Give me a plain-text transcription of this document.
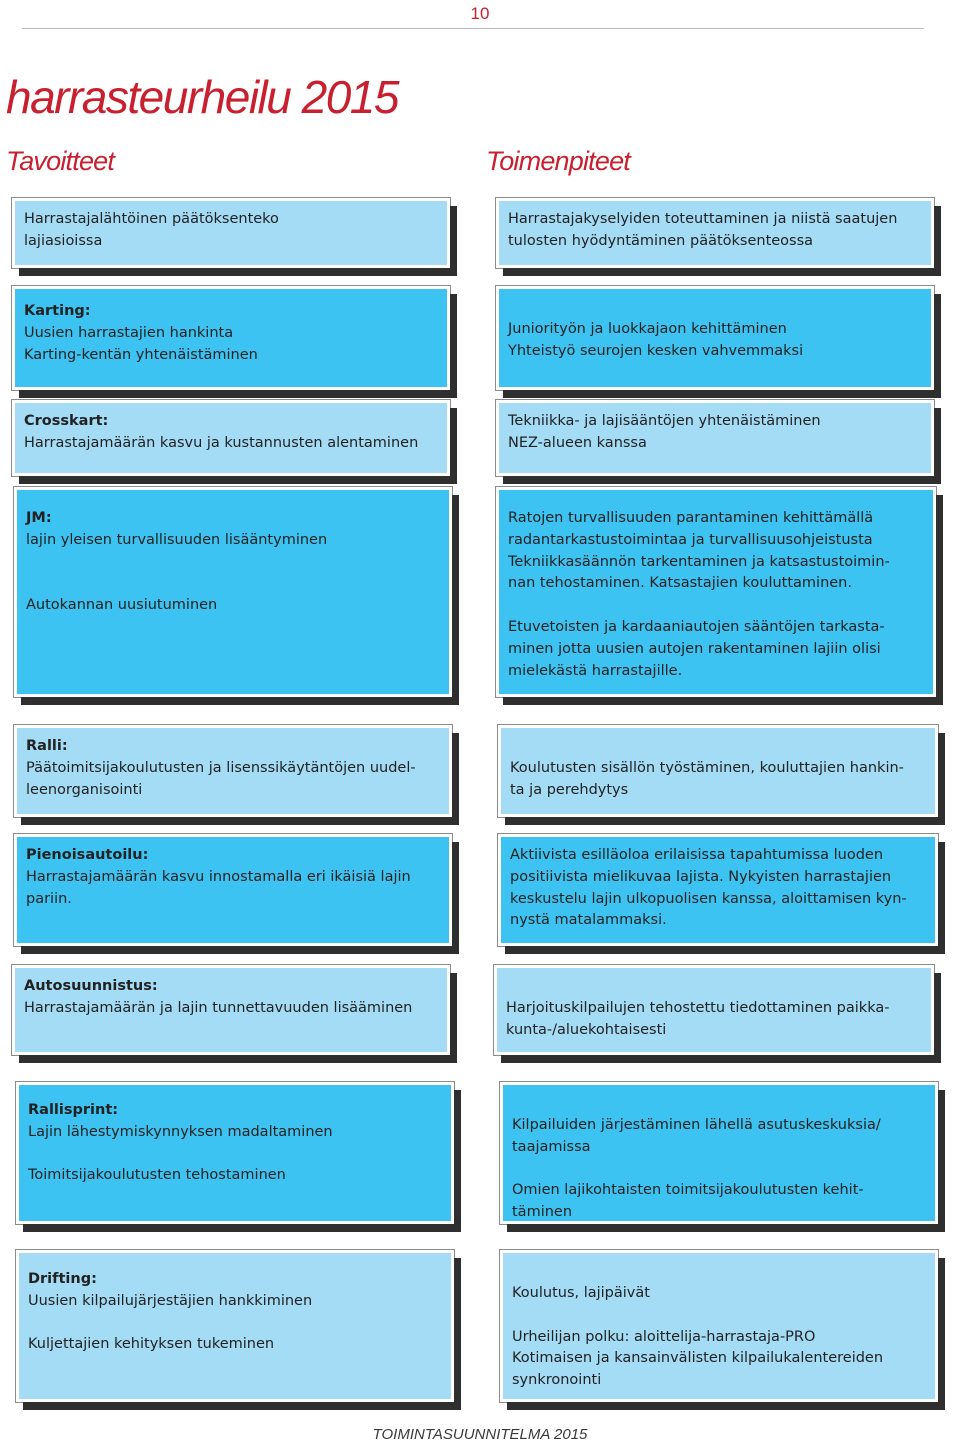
10
harrasteurheilu 2015
Tavoitteet	Toimenpiteet

Harrastajalähtöinen päätöksenteko

lajiasioissa

Harrastajakyselyiden toteuttaminen ja niistä saatujen

tulosten hyödyntäminen päätöksenteossa

Karting:

Uusien harrastajien hankinta

Karting-kentän yhtenäistäminen

Juniorityön ja luokkajaon kehittäminen

Yhteistyö seurojen kesken vahvemmaksi

Crosskart:

Harrastajamäärän kasvu ja kustannusten alentaminen

Tekniikka- ja lajisääntöjen yhtenäistäminen

NEZ-alueen kanssa

JM:

lajin yleisen turvallisuuden lisääntyminen

Autokannan uusiutuminen

Ratojen turvallisuuden parantaminen kehittämällä

radantarkastustoimintaa ja turvallisuusohjeistusta

Tekniikkasäännön tarkentaminen ja katsastustoimin-

nan tehostaminen. Katsastajien kouluttaminen.

Etuvetoisten ja kardaaniautojen sääntöjen tarkasta-

minen jotta uusien autojen rakentaminen lajiin olisi

mielekästä harrastajille.

Ralli:

Päätoimitsijakoulutusten ja lisenssikäytäntöjen uudel-

leenorganisointi

Koulutusten sisällön työstäminen, kouluttajien hankin-

ta ja perehdytys

Pienoisautoilu:

Harrastajamäärän kasvu innostamalla eri ikäisiä lajin

pariin.

Aktiivista esilläoloa erilaisissa tapahtumissa luoden

positiivista mielikuvaa lajista. Nykyisten harrastajien

keskustelu lajin ulkopuolisen kanssa, aloittamisen kyn-

nystä matalammaksi.

Autosuunnistus:

Harrastajamäärän ja lajin tunnettavuuden lisääminen	Harjoituskilpailujen tehostettu tiedottaminen paikka-

kunta-/aluekohtaisesti

Rallisprint:

Lajin lähestymiskynnyksen madaltaminen

Toimitsijakoulutusten tehostaminen

Kilpailuiden järjestäminen lähellä asutuskeskuksia/

taajamissa

Omien lajikohtaisten toimitsijakoulutusten kehit-

täminen

Drifting:

Uusien kilpailujärjestäjien hankkiminen

Kuljettajien kehityksen tukeminen

Koulutus, lajipäivät

Urheilijan polku: aloittelija-harrastaja-PRO

Kotimaisen ja kansainvälisten kilpailukalentereiden

synkronointi

TOIMINTASUUNNITELMA 2015
